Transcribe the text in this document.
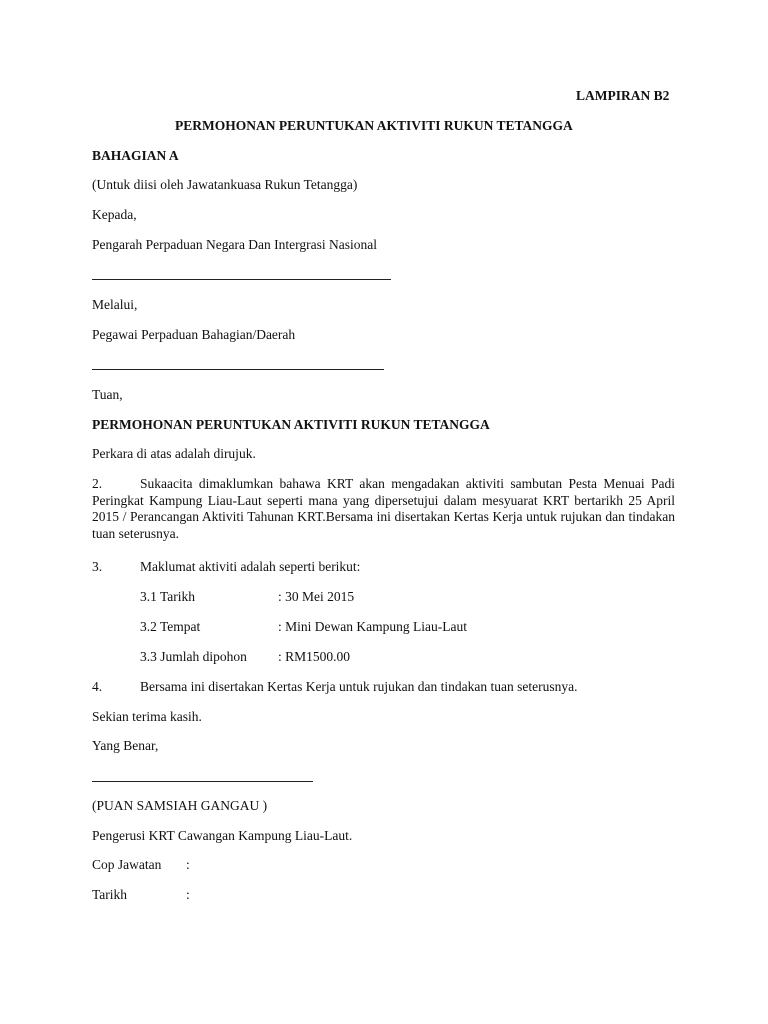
LAMPIRAN B2
PERMOHONAN PERUNTUKAN AKTIVITI RUKUN TETANGGA
BAHAGIAN A
(Untuk diisi oleh Jawatankuasa Rukun Tetangga)
Kepada,
Pengarah Perpaduan Negara Dan Intergrasi Nasional
Melalui,
Pegawai Perpaduan Bahagian/Daerah
Tuan,
PERMOHONAN PERUNTUKAN AKTIVITI RUKUN TETANGGA
Perkara di atas adalah dirujuk.

2.	Sukaacita dimaklumkan bahawa KRT akan mengadakan aktiviti sambutan Pesta Menuai Padi Peringkat Kampung Liau-Laut seperti mana yang dipersetujui dalam mesyuarat KRT bertarikh 25 April 2015 / Perancangan Aktiviti Tahunan KRT.Bersama ini disertakan Kertas Kerja untuk rujukan dan tindakan tuan seterusnya.

3.	Maklumat aktiviti adalah seperti berikut:
3.1 Tarikh	: 30 Mei 2015
3.2 Tempat	: Mini Dewan Kampung Liau-Laut
3.3 Jumlah dipohon : RM1500.00
4.	Bersama ini disertakan Kertas Kerja untuk rujukan dan tindakan tuan seterusnya.
Sekian terima kasih.
Yang Benar,
(PUAN SAMSIAH GANGAU )
Pengerusi KRT Cawangan Kampung Liau-Laut.
Cop Jawatan :
Tarikh	:
